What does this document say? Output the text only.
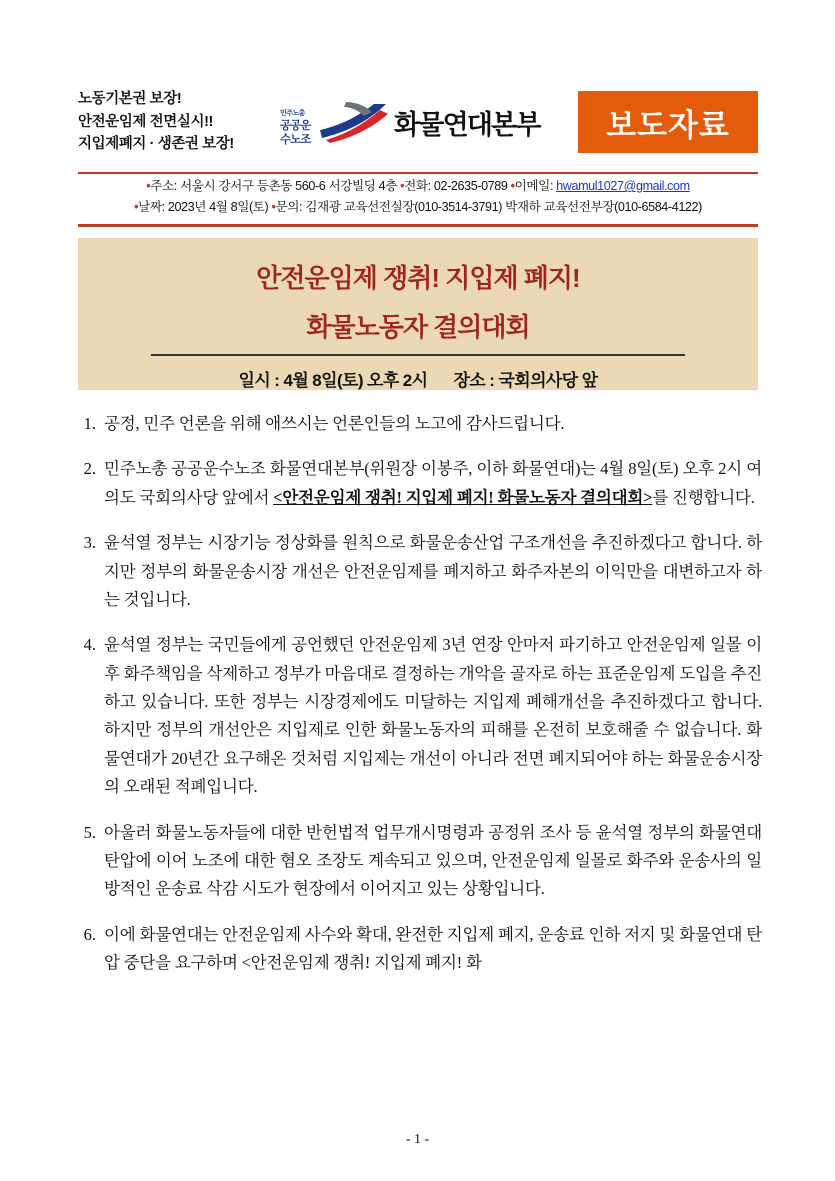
노동기본권 보장!
안전운임제 전면실시!!
지입제폐지 · 생존권 보장!
민주노총
공공운수노조
화물연대본부	보도자료
•주소: 서울시 강서구 등촌동 560-6 서강빌딩 4층 •전화: 02-2635-0789 •이메일: hwamul1027@gmail.com
•날짜: 2023년 4월 8일(토) •문의: 김재광 교육선전실장(010-3514-3791) 박재하 교육선전부장(010-6584-4122)
안전운임제 쟁취! 지입제 폐지!
화물노동자 결의대회
일시 : 4월 8일(토) 오후 2시 장소 : 국회의사당 앞
1. 공정, 민주 언론을 위해 애쓰시는 언론인들의 노고에 감사드립니다.
2. 민주노총 공공운수노조 화물연대본부(위원장 이봉주, 이하 화물연대)는 4월 8일(토) 오후 2시 여의도 국회의사당 앞에서 <안전운임제 쟁취! 지입제 폐지! 화물노동자 결의대회>를 진행합니다.
3. 윤석열 정부는 시장기능 정상화를 원칙으로 화물운송산업 구조개선을 추진하겠다고 합니다. 하지만 정부의 화물운송시장 개선은 안전운임제를 폐지하고 화주자본의 이익만을 대변하고자 하는 것입니다.
4. 윤석열 정부는 국민들에게 공언했던 안전운임제 3년 연장 안마저 파기하고 안전운임제 일몰 이후 화주책임을 삭제하고 정부가 마음대로 결정하는 개악을 골자로 하는 표준운임제 도입을 추진하고 있습니다. 또한 정부는 시장경제에도 미달하는 지입제 폐해개선을 추진하겠다고 합니다. 하지만 정부의 개선안은 지입제로 인한 화물노동자의 피해를 온전히 보호해줄 수 없습니다. 화물연대가 20년간 요구해온 것처럼 지입제는 개선이 아니라 전면 폐지되어야 하는 화물운송시장의 오래된 적폐입니다.
5. 아울러 화물노동자들에 대한 반헌법적 업무개시명령과 공정위 조사 등 윤석열 정부의 화물연대 탄압에 이어 노조에 대한 혐오 조장도 계속되고 있으며, 안전운임제 일몰로 화주와 운송사의 일방적인 운송료 삭감 시도가 현장에서 이어지고 있는 상황입니다.
6. 이에 화물연대는 안전운임제 사수와 확대, 완전한 지입제 폐지, 운송료 인하 저지 및 화물연대 탄압 중단을 요구하며 <안전운임제 쟁취! 지입제 폐지! 화
- 1 -
